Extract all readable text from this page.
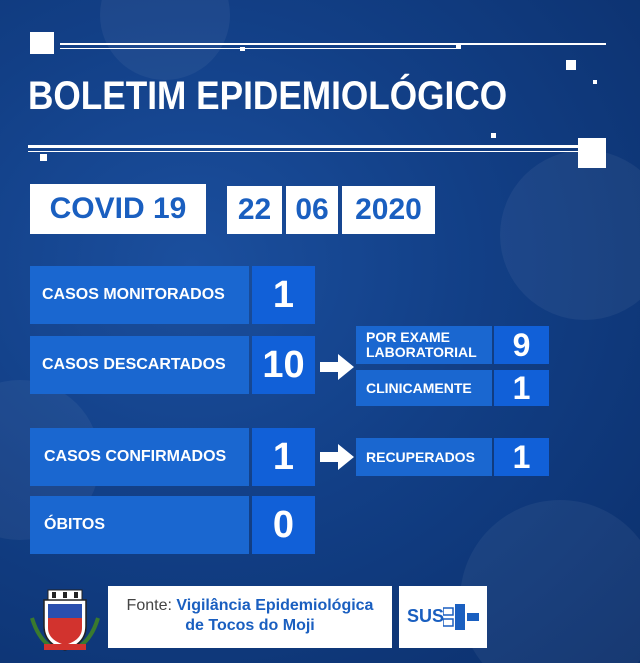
BOLETIM EPIDEMIOLÓGICO
COVID 19	22 06 2020
CASOS MONITORADOS	1
CASOS DESCARTADOS 10
POR EXAME
LABORATORIAL	9
CLINICAMENTE	1
CASOS CONFIRMADOS	1	RECUPERADOS	1
ÓBITOS	0
Fonte: Vigilância Epidemiológica
de Tocos do Moji	SUS
